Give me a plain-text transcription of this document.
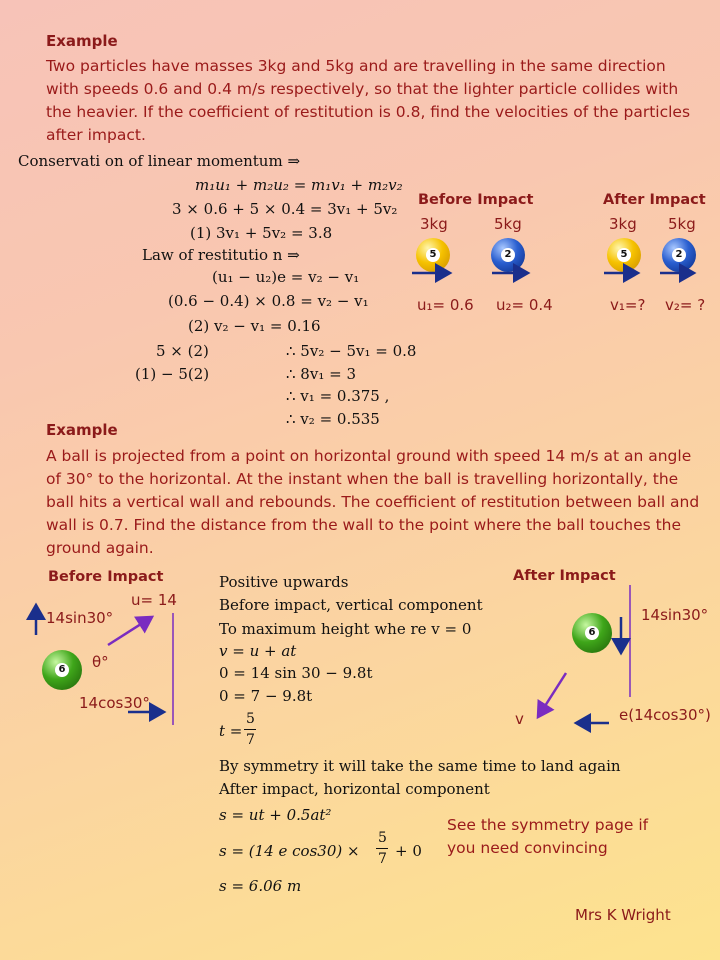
Example
Two particles have masses 3kg and 5kg and are travelling in the same direction with speeds 0.6 and 0.4 m/s respectively, so that the lighter particle collides with the heavier. If the coefficient of restitution is 0.8, find the velocities of the particles after impact.
Conservati on of linear momentum ⇒
m₁u₁ + m₂u₂ = m₁v₁ + m₂v₂
3 × 0.6 + 5 × 0.4 = 3v₁ + 5v₂
(1) 3v₁ + 5v₂ = 3.8
Law of restitutio n ⇒
(u₁ − u₂)e = v₂ − v₁
(0.6 − 0.4) × 0.8 = v₂ − v₁
(2) v₂ − v₁ = 0.16
5 × (2)	∴ 5v₂ − 5v₁ = 0.8
(1) − 5(2)	∴ 8v₁ = 3
∴ v₁ = 0.375 ,
∴ v₂ = 0.535
Before Impact
3kg	5kg
5	2
u₁= 0.6 u₂= 0.4
After Impact
3kg 5kg
5	2
v₁=? v₂= ?
Example
A ball is projected from a point on horizontal ground with speed 14 m/s at an angle of 30° to the horizontal. At the instant when the ball is travelling horizontally, the ball hits a vertical wall and rebounds. The coefficient of restitution between ball and wall is 0.7. Find the distance from the wall to the point where the ball touches the ground again.
Before Impact
u= 14
14sin30°
θ°
14cos30°
6
Positive upwards
Before impact, vertical component
To maximum height whe re v = 0
v = u + at
0 = 14 sin 30 − 9.8t
0 = 7 − 9.8t
t =
5
7
By symmetry it will take the same time to land again
After impact, horizontal component
s = ut + 0.5at²
s = (14 e cos30) ×
5
7 + 0
s = 6.06 m
After Impact
14sin30°
6
v	e(14cos30°)
See the symmetry page if you need convincing
Mrs K Wright
